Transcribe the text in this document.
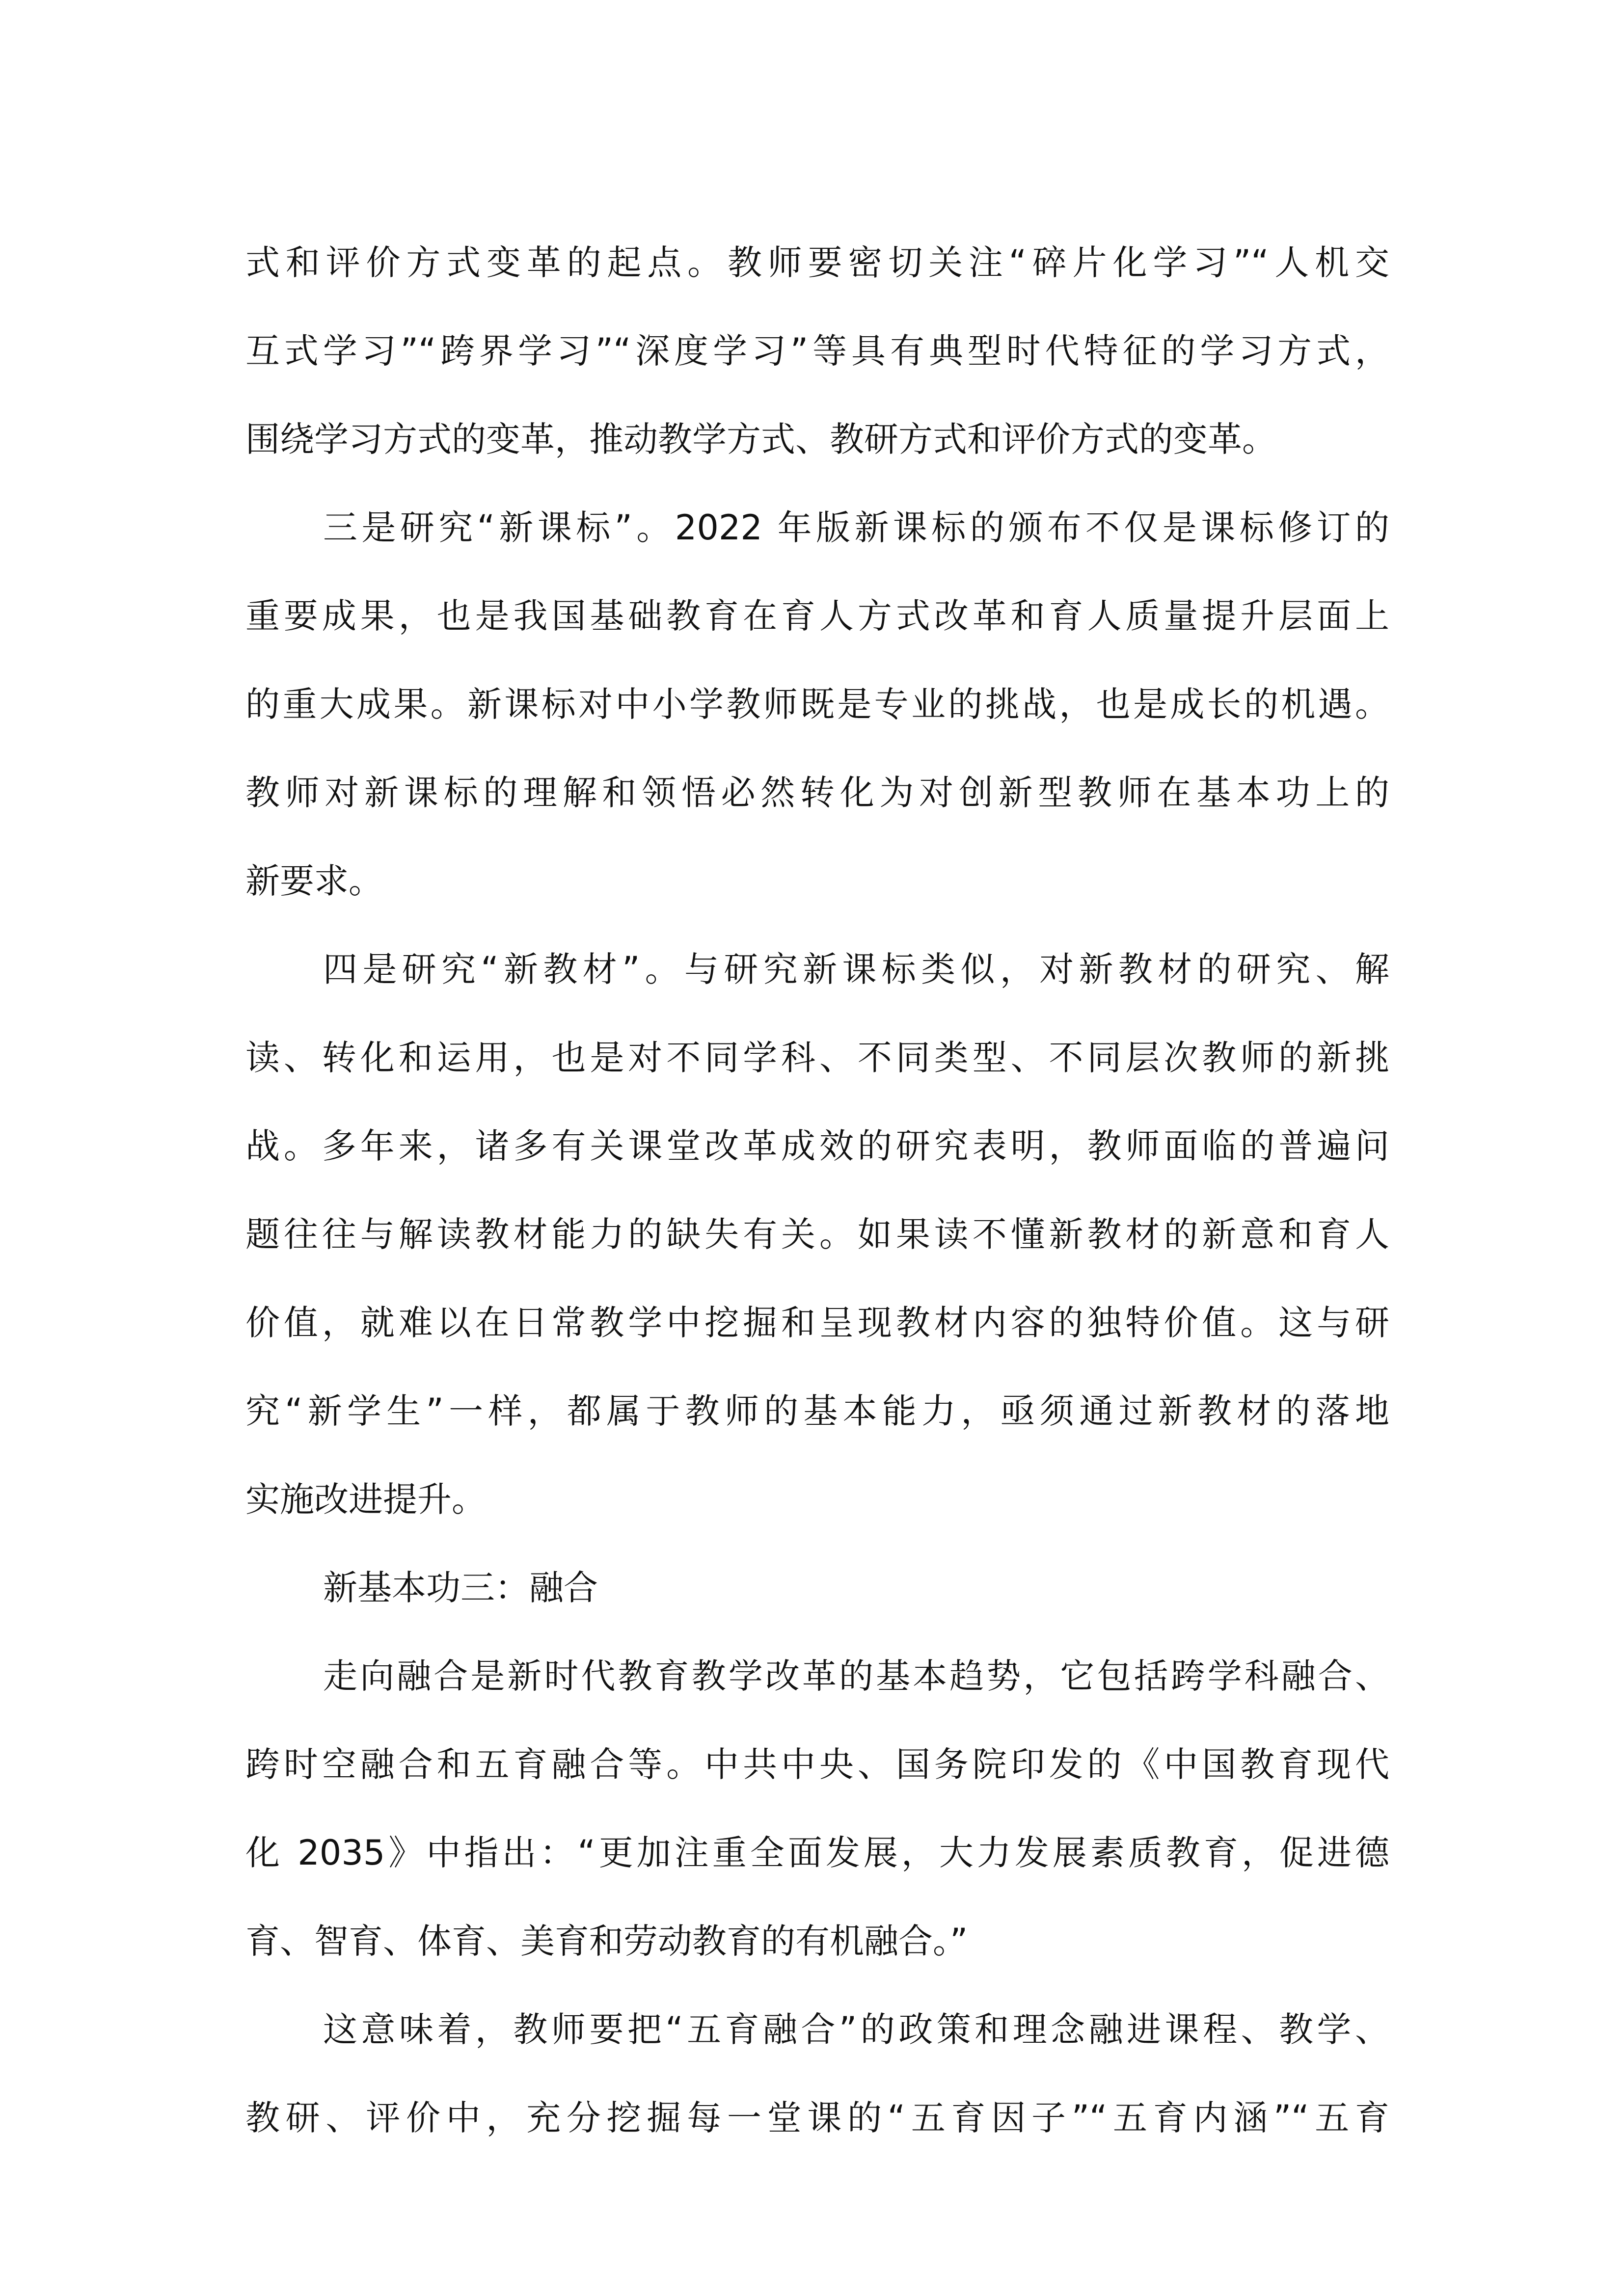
式和评价方式变革的起点。教师要密切关注“碎片化学习”“人机交
互式学习”“跨界学习”“深度学习”等具有典型时代特征的学习方式，
围绕学习方式的变革，推动教学方式、教研方式和评价方式的变革。
三是研究“新课标”。2022 年版新课标的颁布不仅是课标修订的
重要成果，也是我国基础教育在育人方式改革和育人质量提升层面上
的重大成果。新课标对中小学教师既是专业的挑战，也是成长的机遇。
教师对新课标的理解和领悟必然转化为对创新型教师在基本功上的
新要求。
四是研究“新教材”。与研究新课标类似，对新教材的研究、解
读、转化和运用，也是对不同学科、不同类型、不同层次教师的新挑
战。多年来，诸多有关课堂改革成效的研究表明，教师面临的普遍问
题往往与解读教材能力的缺失有关。如果读不懂新教材的新意和育人
价值，就难以在日常教学中挖掘和呈现教材内容的独特价值。这与研
究“新学生”一样，都属于教师的基本能力，亟须通过新教材的落地
实施改进提升。
新基本功三：融合
走向融合是新时代教育教学改革的基本趋势，它包括跨学科融合、
跨时空融合和五育融合等。中共中央、国务院印发的《中国教育现代
化 2035》中指出：“更加注重全面发展，大力发展素质教育，促进德
育、智育、体育、美育和劳动教育的有机融合。”
这意味着，教师要把“五育融合”的政策和理念融进课程、教学、
教研、评价中，充分挖掘每一堂课的“五育因子”“五育内涵”“五育
